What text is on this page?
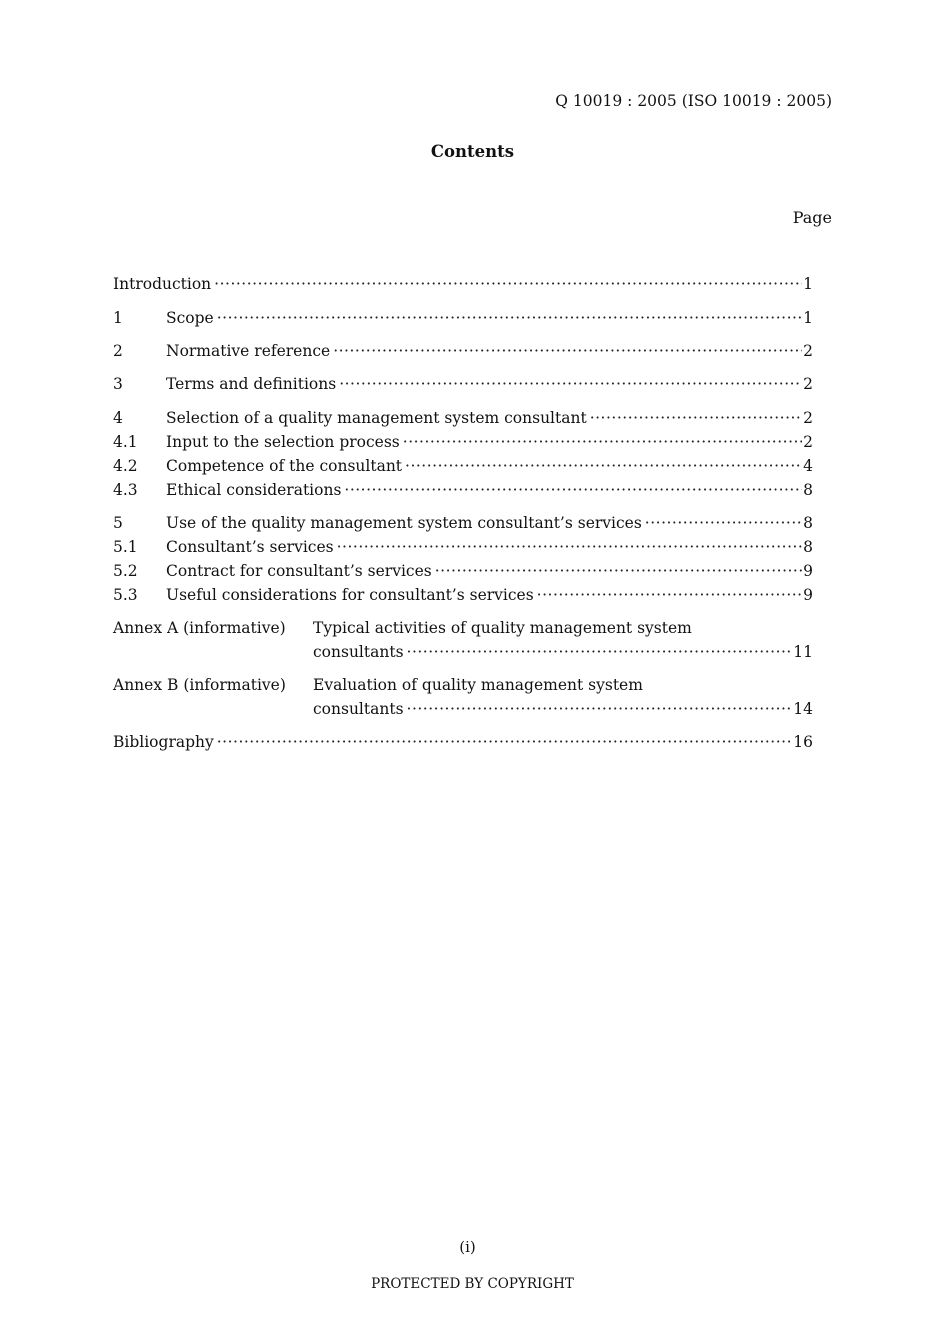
Q 10019 : 2005 (ISO 10019 : 2005)
Contents
Page
Introduction ·····	1
1	Scope ·····	1
2	Normative reference ·····	2
3	Terms and definitions ·····	2
4	Selection of a quality management system consultant ·····	2
4.1	Input to the selection process ·····	2
4.2	Competence of the consultant ·····	4
4.3	Ethical considerations ·····	8
5	Use of the quality management system consultant’s services ·····	8
5.1	Consultant’s services ·····	8
5.2	Contract for consultant’s services ·····	9
5.3	Useful considerations for consultant’s services ·····	9
Annex A (informative)	Typical activities of quality management system
consultants ·····	11
Annex B (informative)	Evaluation of quality management system
consultants ·····	14
Bibliography ·····	16
(i)
PROTECTED BY COPYRIGHT
